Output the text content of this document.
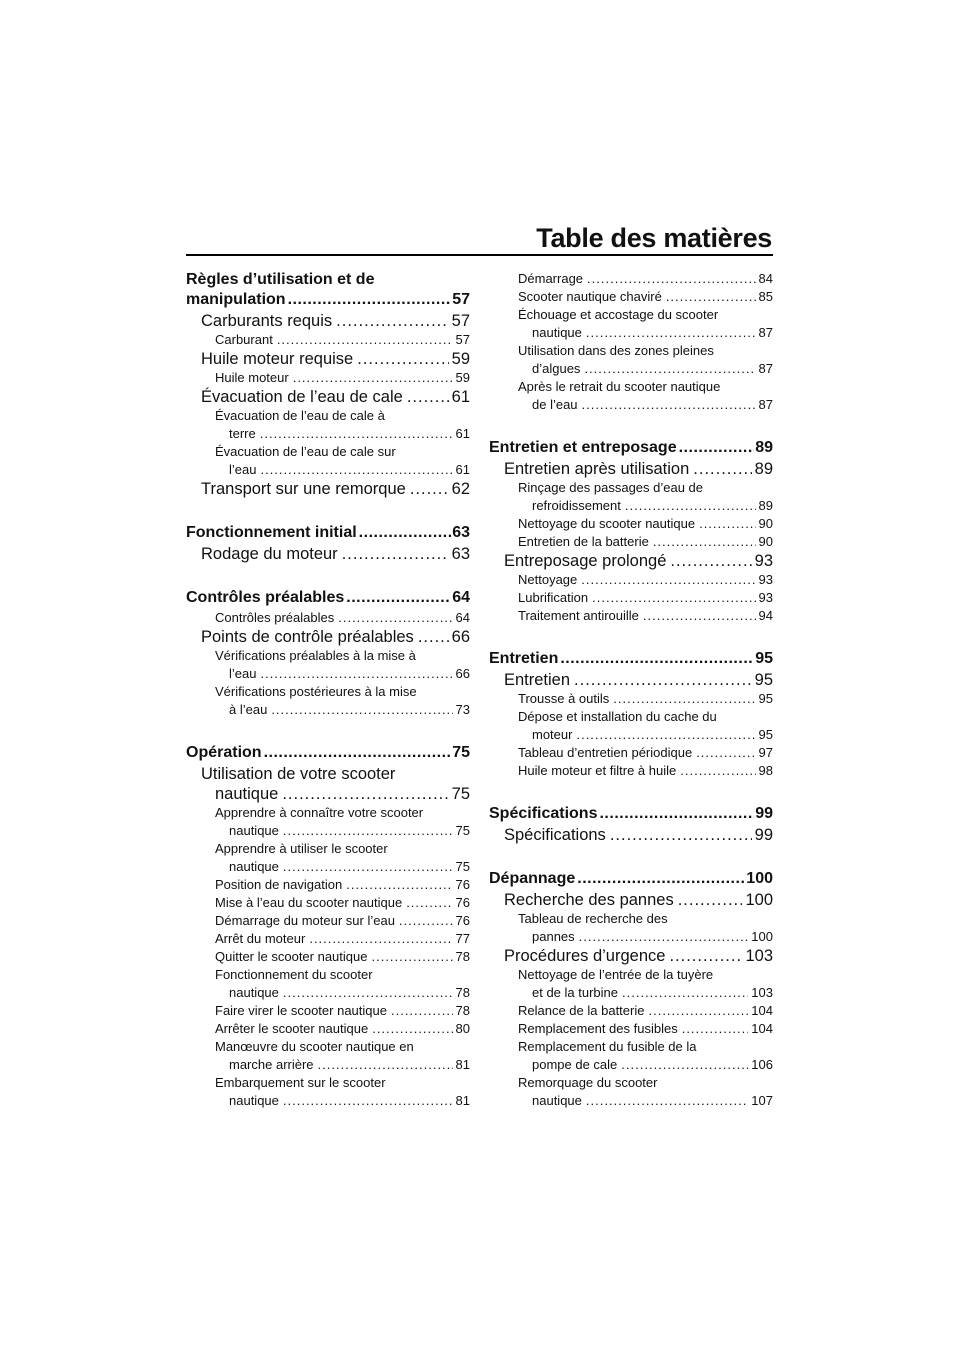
Table des matières
Règles d’utilisation et de
manipulation .....	57
Carburants requis .....	57
Carburant .....	57
Huile moteur requise .....	59
Huile moteur .....	59
Évacuation de l’eau de cale .....	61
Évacuation de l’eau de cale à
terre .....	61
Évacuation de l’eau de cale sur
l’eau .....	61
Transport sur une remorque .....	62
Fonctionnement initial .....	63
Rodage du moteur .....	63
Contrôles préalables .....	64
Contrôles préalables .....	64
Points de contrôle préalables ..... 66
Vérifications préalables à la mise à
l’eau .....	66
Vérifications postérieures à la mise
à l’eau .....	73
Opération .....	75
Utilisation de votre scooter
nautique .....	75
Apprendre à connaître votre scooter
nautique .....	75
Apprendre à utiliser le scooter
nautique .....	75
Position de navigation .....	76
Mise à l’eau du scooter nautique .....	76
Démarrage du moteur sur l’eau .....	76
Arrêt du moteur .....	77
Quitter le scooter nautique .....	78
Fonctionnement du scooter
nautique .....	78
Faire virer le scooter nautique .....	78
Arrêter le scooter nautique .....	80
Manœuvre du scooter nautique en
marche arrière .....	81
Embarquement sur le scooter
nautique .....	81
Démarrage .....	84
Scooter nautique chaviré .....	85
Échouage et accostage du scooter
nautique .....	87
Utilisation dans des zones pleines
d’algues .....	87
Après le retrait du scooter nautique
de l’eau .....	87
Entretien et entreposage .....	89
Entretien après utilisation .....	89
Rinçage des passages d’eau de
refroidissement .....	89
Nettoyage du scooter nautique .....	90
Entretien de la batterie .....	90
Entreposage prolongé .....	93
Nettoyage .....	93
Lubrification .....	93
Traitement antirouille .....	94
Entretien .....	95
Entretien .....	95
Trousse à outils .....	95
Dépose et installation du cache du
moteur .....	95
Tableau d’entretien périodique .....	97
Huile moteur et filtre à huile .....	98
Spécifications .....	99
Spécifications .....	99
Dépannage .....	100
Recherche des pannes .....	100
Tableau de recherche des
pannes .....	100
Procédures d’urgence .....	103
Nettoyage de l’entrée de la tuyère
et de la turbine .....	103
Relance de la batterie .....	104
Remplacement des fusibles .....	104
Remplacement du fusible de la
pompe de cale .....	106
Remorquage du scooter
nautique .....	107
